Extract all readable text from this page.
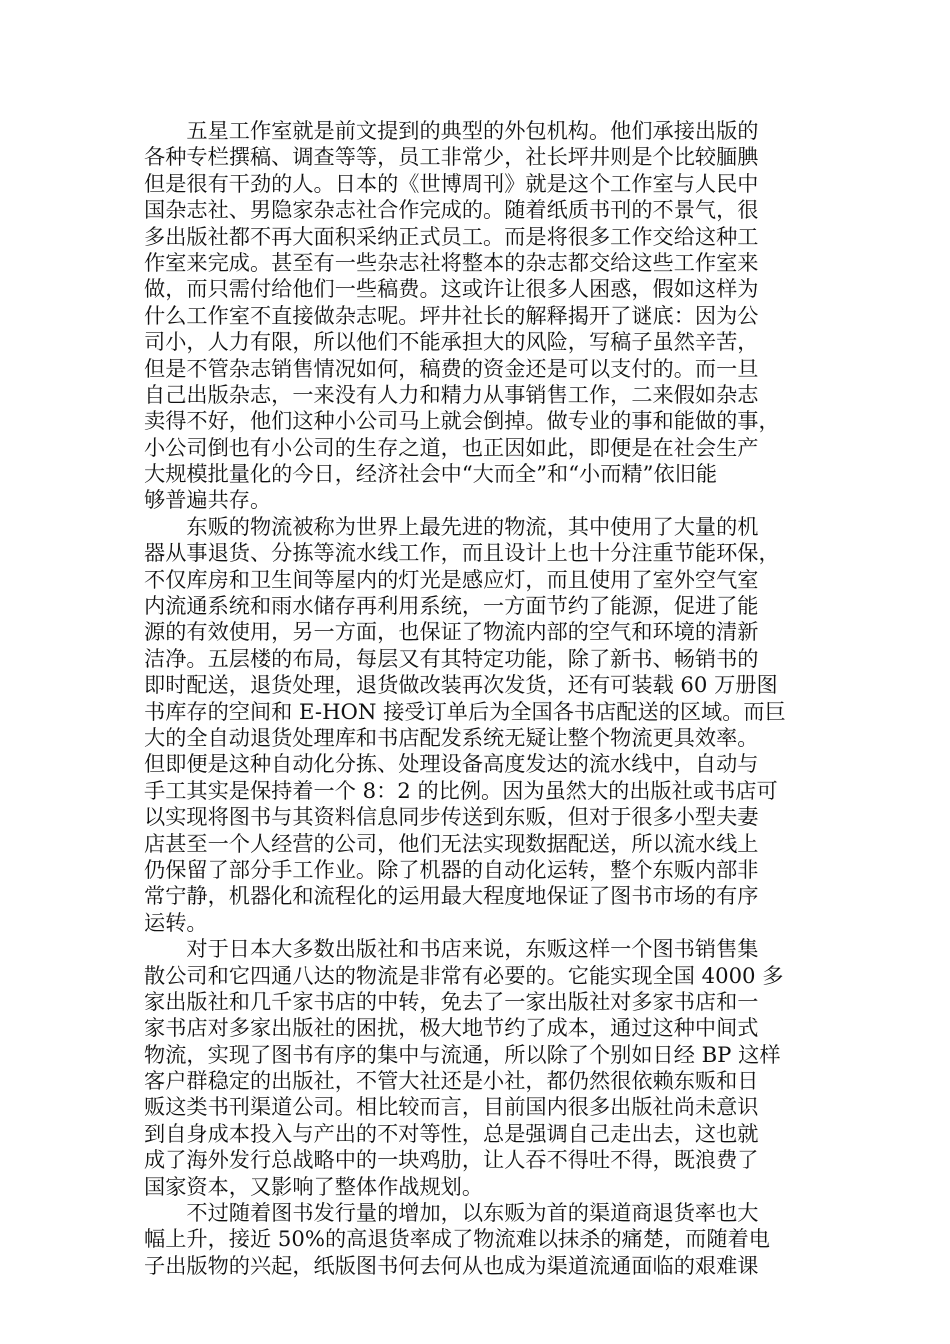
　　五星工作室就是前文提到的典型的外包机构。他们承接出版的
各种专栏撰稿、调查等等，员工非常少，社长坪井则是个比较腼腆
但是很有干劲的人。日本的《世博周刊》就是这个工作室与人民中
国杂志社、男隐家杂志社合作完成的。随着纸质书刊的不景气，很
多出版社都不再大面积采纳正式员工。而是将很多工作交给这种工
作室来完成。甚至有一些杂志社将整本的杂志都交给这些工作室来
做，而只需付给他们一些稿费。这或许让很多人困惑，假如这样为
什么工作室不直接做杂志呢。坪井社长的解释揭开了谜底：因为公
司小，人力有限，所以他们不能承担大的风险，写稿子虽然辛苦，
但是不管杂志销售情况如何，稿费的资金还是可以支付的。而一旦
自己出版杂志，一来没有人力和精力从事销售工作，二来假如杂志
卖得不好，他们这种小公司马上就会倒掉。做专业的事和能做的事，
小公司倒也有小公司的生存之道，也正因如此，即便是在社会生产
大规模批量化的今日，经济社会中“大而全”和“小而精”依旧能
够普遍共存。
　　东贩的物流被称为世界上最先进的物流，其中使用了大量的机
器从事退货、分拣等流水线工作，而且设计上也十分注重节能环保，
不仅库房和卫生间等屋内的灯光是感应灯，而且使用了室外空气室
内流通系统和雨水储存再利用系统，一方面节约了能源，促进了能
源的有效使用，另一方面，也保证了物流内部的空气和环境的清新
洁净。五层楼的布局，每层又有其特定功能，除了新书、畅销书的
即时配送，退货处理，退货做改装再次发货，还有可装载 60 万册图
书库存的空间和 E-HON 接受订单后为全国各书店配送的区域。而巨
大的全自动退货处理库和书店配发系统无疑让整个物流更具效率。
但即便是这种自动化分拣、处理设备高度发达的流水线中，自动与
手工其实是保持着一个 8：2 的比例。因为虽然大的出版社或书店可
以实现将图书与其资料信息同步传送到东贩，但对于很多小型夫妻
店甚至一个人经营的公司，他们无法实现数据配送，所以流水线上
仍保留了部分手工作业。除了机器的自动化运转，整个东贩内部非
常宁静，机器化和流程化的运用最大程度地保证了图书市场的有序
运转。
　　对于日本大多数出版社和书店来说，东贩这样一个图书销售集
散公司和它四通八达的物流是非常有必要的。它能实现全国 4000 多
家出版社和几千家书店的中转，免去了一家出版社对多家书店和一
家书店对多家出版社的困扰，极大地节约了成本，通过这种中间式
物流，实现了图书有序的集中与流通，所以除了个别如日经 BP 这样
客户群稳定的出版社，不管大社还是小社，都仍然很依赖东贩和日
贩这类书刊渠道公司。相比较而言，目前国内很多出版社尚未意识
到自身成本投入与产出的不对等性，总是强调自己走出去，这也就
成了海外发行总战略中的一块鸡肋，让人吞不得吐不得，既浪费了
国家资本，又影响了整体作战规划。
　　不过随着图书发行量的增加，以东贩为首的渠道商退货率也大
幅上升，接近 50%的高退货率成了物流难以抹杀的痛楚，而随着电
子出版物的兴起，纸版图书何去何从也成为渠道流通面临的艰难课
